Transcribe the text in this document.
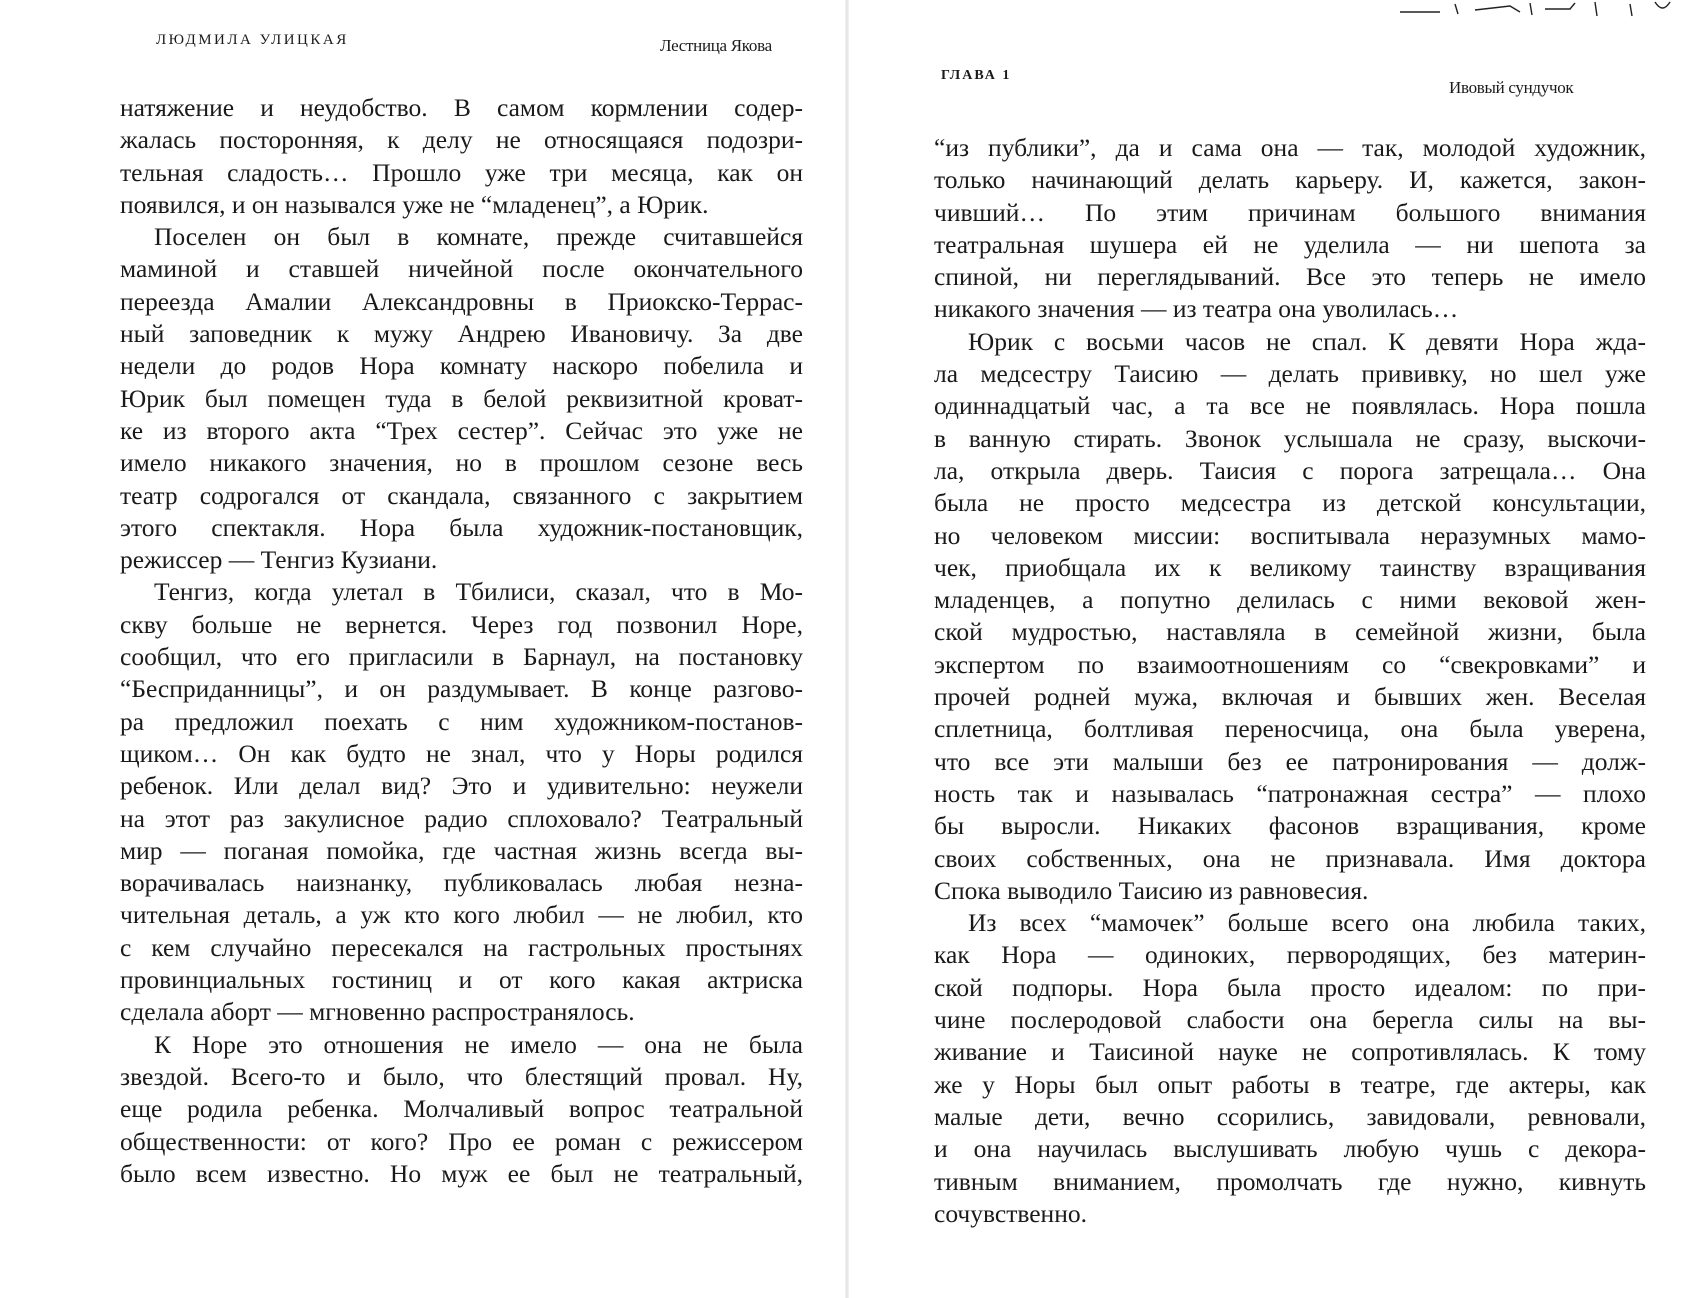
ЛЮДМИЛА УЛИЦКАЯ	Лестница Якова
натяжение и неудобство. В самом кормлении содер-
жалась посторонняя, к делу не относящаяся подозри-
тельная сладость… Прошло уже три месяца, как он
появился, и он назывался уже не “младенец”, а Юрик.
Поселен он был в комнате, прежде считавшейся
маминой и ставшей ничейной после окончательного
переезда Амалии Александровны в Приокско-Террас-
ный заповедник к мужу Андрею Ивановичу. За две
недели до родов Нора комнату наскоро побелила и
Юрик был помещен туда в белой реквизитной кроват-
ке из второго акта “Трех сестер”. Сейчас это уже не
имело никакого значения, но в прошлом сезоне весь
театр содрогался от скандала, связанного с закрытием
этого спектакля. Нора была художник-постановщик,
режиссер — Тенгиз Кузиани.
Тенгиз, когда улетал в Тбилиси, сказал, что в Мо-
скву больше не вернется. Через год позвонил Норе,
сообщил, что его пригласили в Барнаул, на постановку
“Бесприданницы”, и он раздумывает. В конце разгово-
ра предложил поехать с ним художником-постанов-
щиком… Он как будто не знал, что у Норы родился
ребенок. Или делал вид? Это и удивительно: неужели
на этот раз закулисное радио сплоховало? Театральный
мир — поганая помойка, где частная жизнь всегда вы-
ворачивалась наизнанку, публиковалась любая незна-
чительная деталь, а уж кто кого любил — не любил, кто
с кем случайно пересекался на гастрольных простынях
провинциальных гостиниц и от кого какая актриска
сделала аборт — мгновенно распространялось.
К Норе это отношения не имело — она не была
звездой. Всего-то и было, что блестящий провал. Ну,
еще родила ребенка. Молчаливый вопрос театральной
общественности: от кого? Про ее роман с режиссером
было всем известно. Но муж ее был не театральный,
ГЛАВА 1
Ивовый сундучок
“из публики”, да и сама она — так, молодой художник,
только начинающий делать карьеру. И, кажется, закон-
чивший… По этим причинам большого внимания
театральная шушера ей не уделила — ни шепота за
спиной, ни переглядываний. Все это теперь не имело
никакого значения — из театра она уволилась…
Юрик с восьми часов не спал. К девяти Нора жда-
ла медсестру Таисию — делать прививку, но шел уже
одиннадцатый час, а та все не появлялась. Нора пошла
в ванную стирать. Звонок услышала не сразу, выскочи-
ла, открыла дверь. Таисия с порога затрещала… Она
была не просто медсестра из детской консультации,
но человеком миссии: воспитывала неразумных мамо-
чек, приобщала их к великому таинству взращивания
младенцев, а попутно делилась с ними вековой жен-
ской мудростью, наставляла в семейной жизни, была
экспертом по взаимоотношениям со “свекровками” и
прочей родней мужа, включая и бывших жен. Веселая
сплетница, болтливая переносчица, она была уверена,
что все эти малыши без ее патронирования — долж-
ность так и называлась “патронажная сестра” — плохо
бы выросли. Никаких фасонов взращивания, кроме
своих собственных, она не признавала. Имя доктора
Спока выводило Таисию из равновесия.
Из всех “мамочек” больше всего она любила таких,
как Нора — одиноких, первородящих, без материн-
ской подпоры. Нора была просто идеалом: по при-
чине послеродовой слабости она берегла силы на вы-
живание и Таисиной науке не сопротивлялась. К тому
же у Норы был опыт работы в театре, где актеры, как
малые дети, вечно ссорились, завидовали, ревновали,
и она научилась выслушивать любую чушь с декора-
тивным вниманием, промолчать где нужно, кивнуть
сочувственно.
